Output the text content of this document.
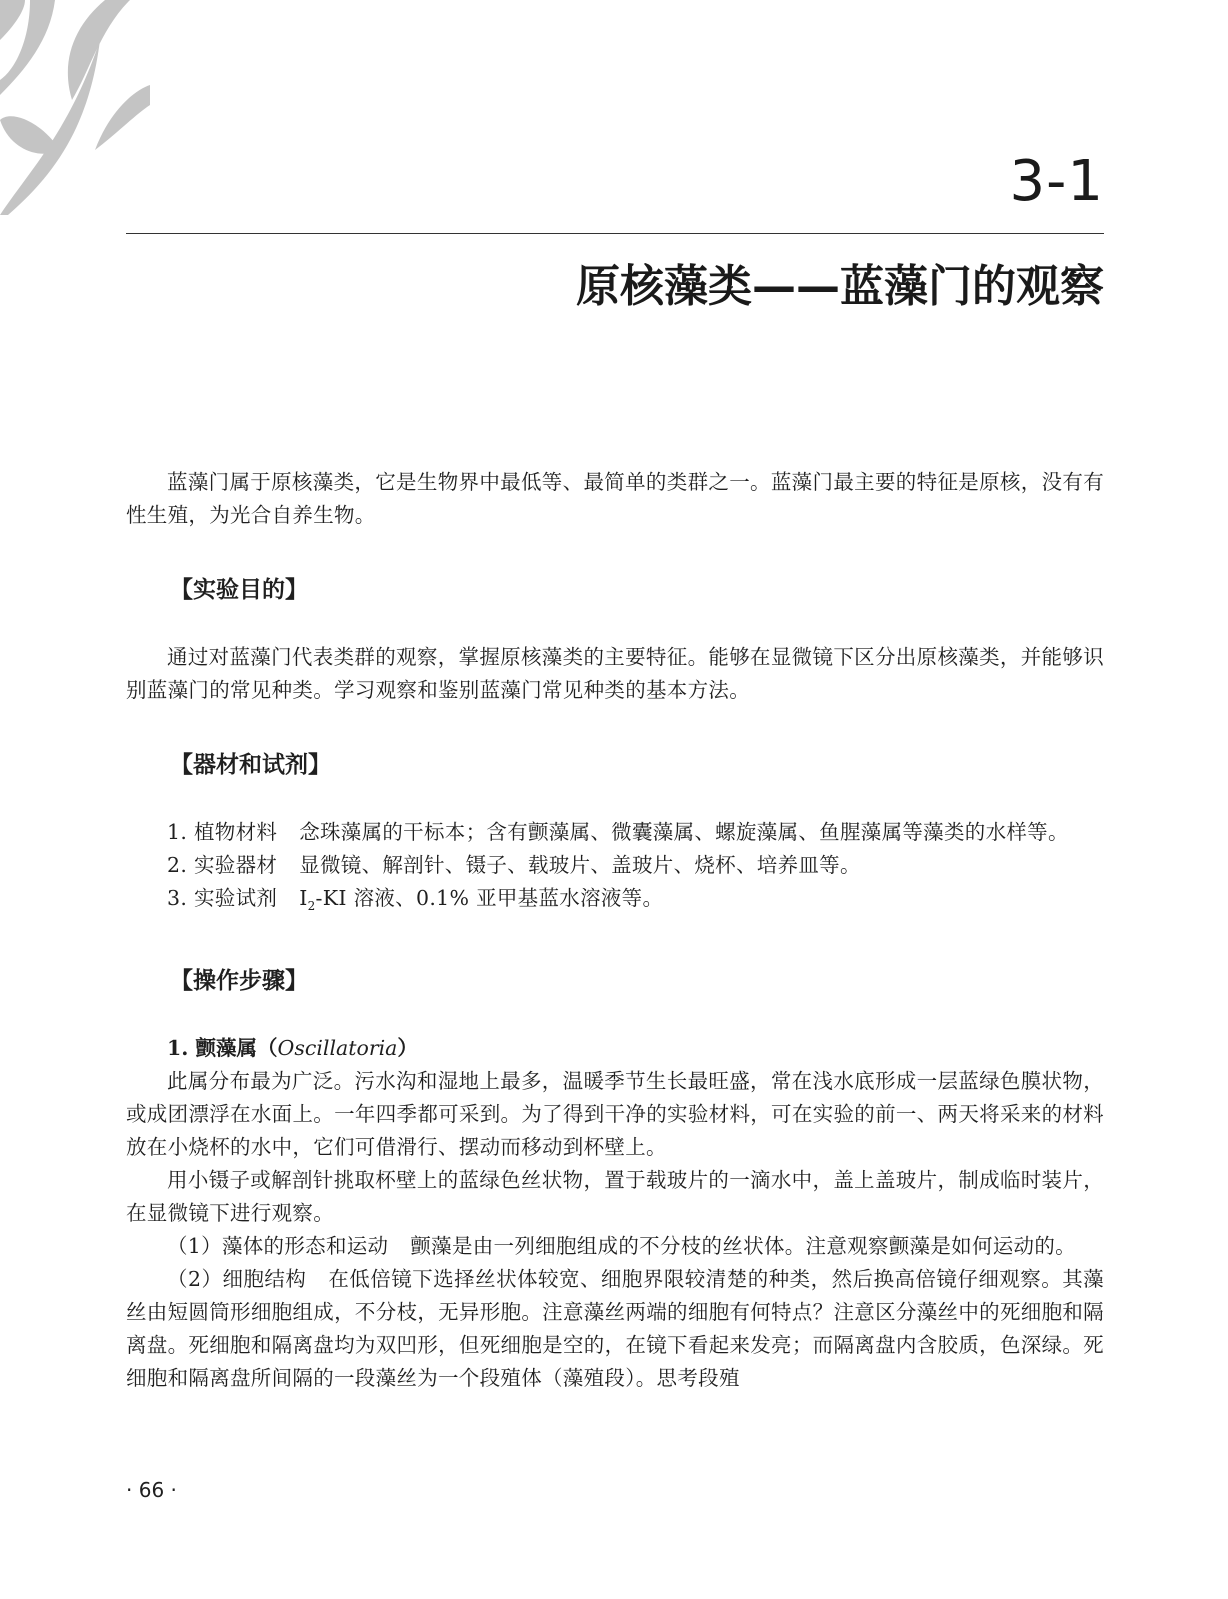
3-1
原核藻类——蓝藻门的观察

蓝藻门属于原核藻类，它是生物界中最低等、最简单的类群之一。蓝藻门最主要的特征是原核，没有有性生殖，为光合自养生物。

【实验目的】

通过对蓝藻门代表类群的观察，掌握原核藻类的主要特征。能够在显微镜下区分出原核藻类，并能够识别蓝藻门的常见种类。学习观察和鉴别蓝藻门常见种类的基本方法。

【器材和试剂】

1. 植物材料 念珠藻属的干标本；含有颤藻属、微囊藻属、螺旋藻属、鱼腥藻属等藻类的水样等。

2. 实验器材 显微镜、解剖针、镊子、载玻片、盖玻片、烧杯、培养皿等。

3. 实验试剂 $I_2-KI$ 溶液、0.1% 亚甲基蓝水溶液等。

【操作步骤】

1. 颤藻属（Oscillatoria）

此属分布最为广泛。污水沟和湿地上最多，温暖季节生长最旺盛，常在浅水底形成一层蓝绿色膜状物，或成团漂浮在水面上。一年四季都可采到。为了得到干净的实验材料，可在实验的前一、两天将采来的材料放在小烧杯的水中，它们可借滑行、摆动而移动到杯壁上。

用小镊子或解剖针挑取杯壁上的蓝绿色丝状物，置于载玻片的一滴水中，盖上盖玻片，制成临时装片，在显微镜下进行观察。

（1）藻体的形态和运动 颤藻是由一列细胞组成的不分枝的丝状体。注意观察颤藻是如何运动的。

（2）细胞结构 在低倍镜下选择丝状体较宽、细胞界限较清楚的种类，然后换高倍镜仔细观察。其藻丝由短圆筒形细胞组成，不分枝，无异形胞。注意藻丝两端的细胞有何特点？注意区分藻丝中的死细胞和隔离盘。死细胞和隔离盘均为双凹形，但死细胞是空的，在镜下看起来发亮；而隔离盘内含胶质，色深绿。死细胞和隔离盘所间隔的一段藻丝为一个段殖体（藻殖段）。思考段殖

· 66 ·
